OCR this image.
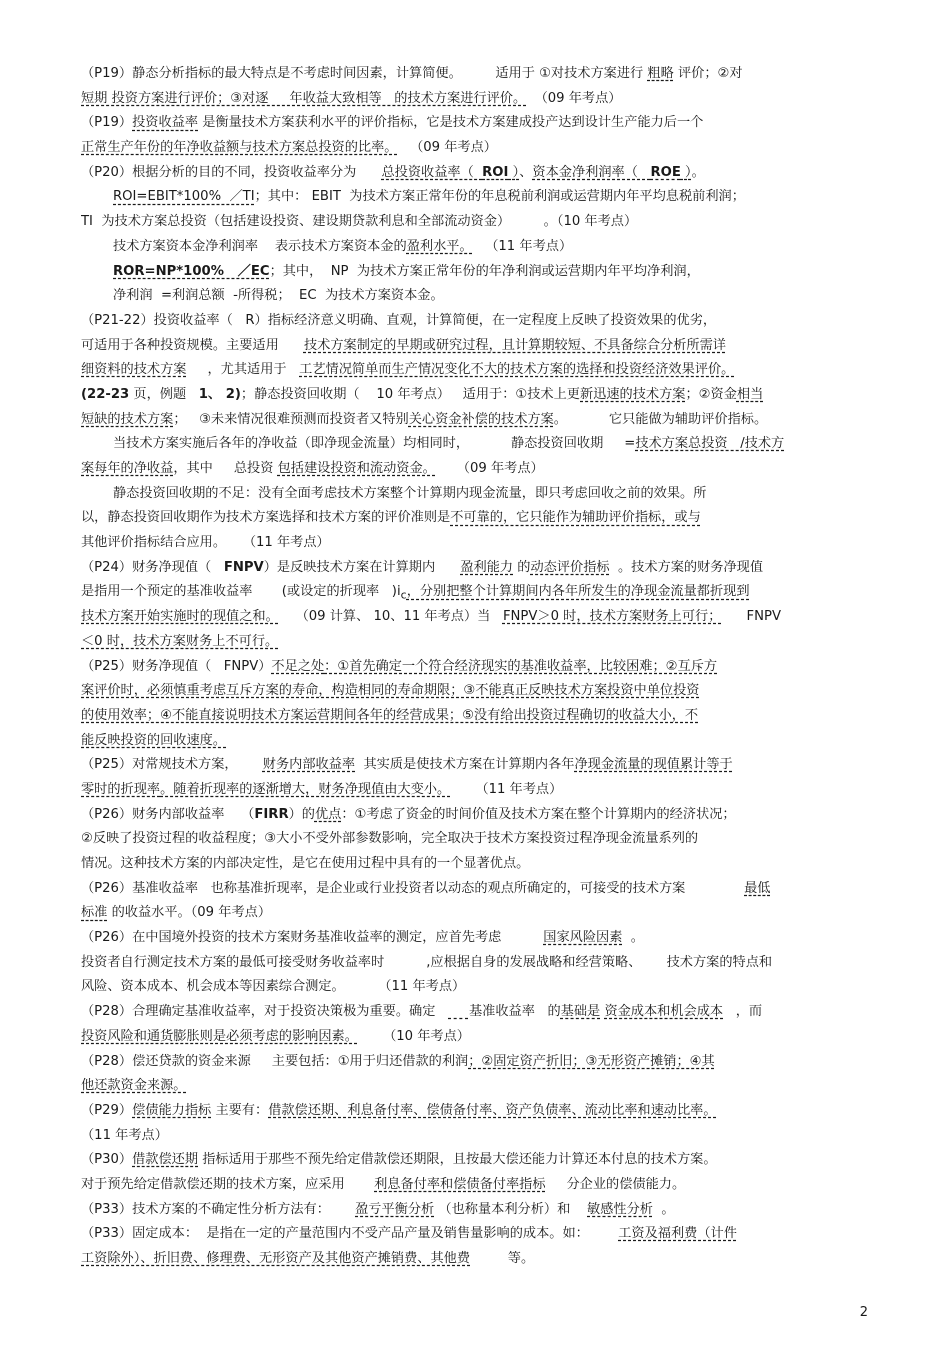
（P19）静态分析指标的最大特点是不考虑时间因素，计算简便。        适用于 ①对技术方案进行 粗略 评价；②对
短期 投资方案进行评价；③对逐     年收益大致相等   的技术方案进行评价。  （09 年考点）
（P19）投资收益率 是衡量技术方案获利水平的评价指标，它是技术方案建成投产达到设计生产能力后一个
正常生产年份的年净收益额与技术方案总投资的比率。   （09 年考点）
（P20）根据分析的目的不同，投资收益率分为      总投资收益率（  ROI ）、资本金净利润率（   ROE ）。
ROI=EBIT*100%  ／TI；其中： EBIT  为技术方案正常年份的年息税前利润或运营期内年平均息税前利润；
TI  为技术方案总投资（包括建设投资、建设期贷款利息和全部流动资金）        。（10 年考点）
技术方案资本金净利润率    表示技术方案资本金的盈利水平。   （11 年考点）
ROR=NP*100%   ／EC；其中，  NP  为技术方案正常年份的年净利润或运营期内年平均净利润，
净利润  =利润总额  -所得税；  EC  为技术方案资本金。
（P21-22）投资收益率（   R）指标经济意义明确、直观，计算简便，在一定程度上反映了投资效果的优劣，
可适用于各种投资规模。主要适用      技术方案制定的早期或研究过程，且计算期较短、不具备综合分析所需详
细资料的技术方案     ，尤其适用于   工艺情况简单而生产情况变化不大的技术方案的选择和投资经济效果评价。
(22-23 页，例题   1、 2)；静态投资回收期（    10 年考点）   适用于：①技术上更新迅速的技术方案；②资金相当
短缺的技术方案；   ③未来情况很难预测而投资者又特别关心资金补偿的技术方案。          它只能做为辅助评价指标。
当技术方案实施后各年的净收益（即净现金流量）均相同时，          静态投资回收期     =技术方案总投资   /技术方
案每年的净收益，其中     总投资 包括建设投资和流动资金。     （09 年考点）
静态投资回收期的不足：没有全面考虑技术方案整个计算期内现金流量，即只考虑回收之前的效果。所
以，静态投资回收期作为技术方案选择和技术方案的评价准则是不可靠的，它只能作为辅助评价指标，或与
其他评价指标结合应用。    （11 年考点）
（P24）财务净现值（   FNPV）是反映技术方案在计算期内      盈利能力 的动态评价指标  。技术方案的财务净现值
是指用一个预定的基准收益率       (或设定的折现率   )$i_c$，分别把整个计算期间内各年所发生的净现金流量都折现到
技术方案开始实施时的现值之和。    （09 计算、 10、11 年考点）当   FNPV＞0 时，技术方案财务上可行；      FNPV
＜0 时，技术方案财务上不可行。
（P25）财务净现值（   FNPV）不足之处：①首先确定一个符合经济现实的基准收益率，比较困难；②互斥方
案评价时，必须慎重考虑互斥方案的寿命，构造相同的寿命期限；③不能真正反映技术方案投资中单位投资
的使用效率；④不能直接说明技术方案运营期间各年的经营成果；⑤没有给出投资过程确切的收益大小，不
能反映投资的回收速度。
（P25）对常规技术方案，      财务内部收益率  其实质是使技术方案在计算期内各年净现金流量的现值累计等于
零时的折现率。随着折现率的逐渐增大，财务净现值由大变小。      （11 年考点）
（P26）财务内部收益率    （FIRR）的优点：①考虑了资金的时间价值及技术方案在整个计算期内的经济状况；
②反映了投资过程的收益程度；③大小不受外部参数影响，完全取决于技术方案投资过程净现金流量系列的
情况。这种技术方案的内部决定性，是它在使用过程中具有的一个显著优点。
（P26）基准收益率   也称基准折现率，是企业或行业投资者以动态的观点所确定的，可接受的技术方案              最低
标准 的收益水平。（09 年考点）
（P26）在中国境外投资的技术方案财务基准收益率的测定，应首先考虑          国家风险因素  。
投资者自行测定技术方案的最低可接受财务收益率时          ,应根据自身的发展战略和经营策略、      技术方案的特点和
风险、资本成本、机会成本等因素综合测定。        （11 年考点）
（P28）合理确定基准收益率，对于投资决策极为重要。确定        基准收益率   的基础是 资金成本和机会成本   ，而
投资风险和通货膨胀则是必须考虑的影响因素。      （10 年考点）
（P28）偿还贷款的资金来源     主要包括：①用于归还借款的利润；②固定资产折旧；③无形资产摊销；④其
他还款资金来源。
（P29）偿债能力指标 主要有：借款偿还期、利息备付率、偿债备付率、资产负债率、流动比率和速动比率。
（11 年考点）
（P30）借款偿还期 指标适用于那些不预先给定借款偿还期限，且按最大偿还能力计算还本付息的技术方案。
对于预先给定借款偿还期的技术方案，应采用       利息备付率和偿债备付率指标     分企业的偿债能力。
（P33）技术方案的不确定性分析方法有：      盈亏平衡分析 （也称量本利分析）和    敏感性分析  。
（P33）固定成本：  是指在一定的产量范围内不受产品产量及销售量影响的成本。如：       工资及福利费（计件
工资除外）、折旧费、修理费、无形资产及其他资产摊销费、其他费         等。
2
